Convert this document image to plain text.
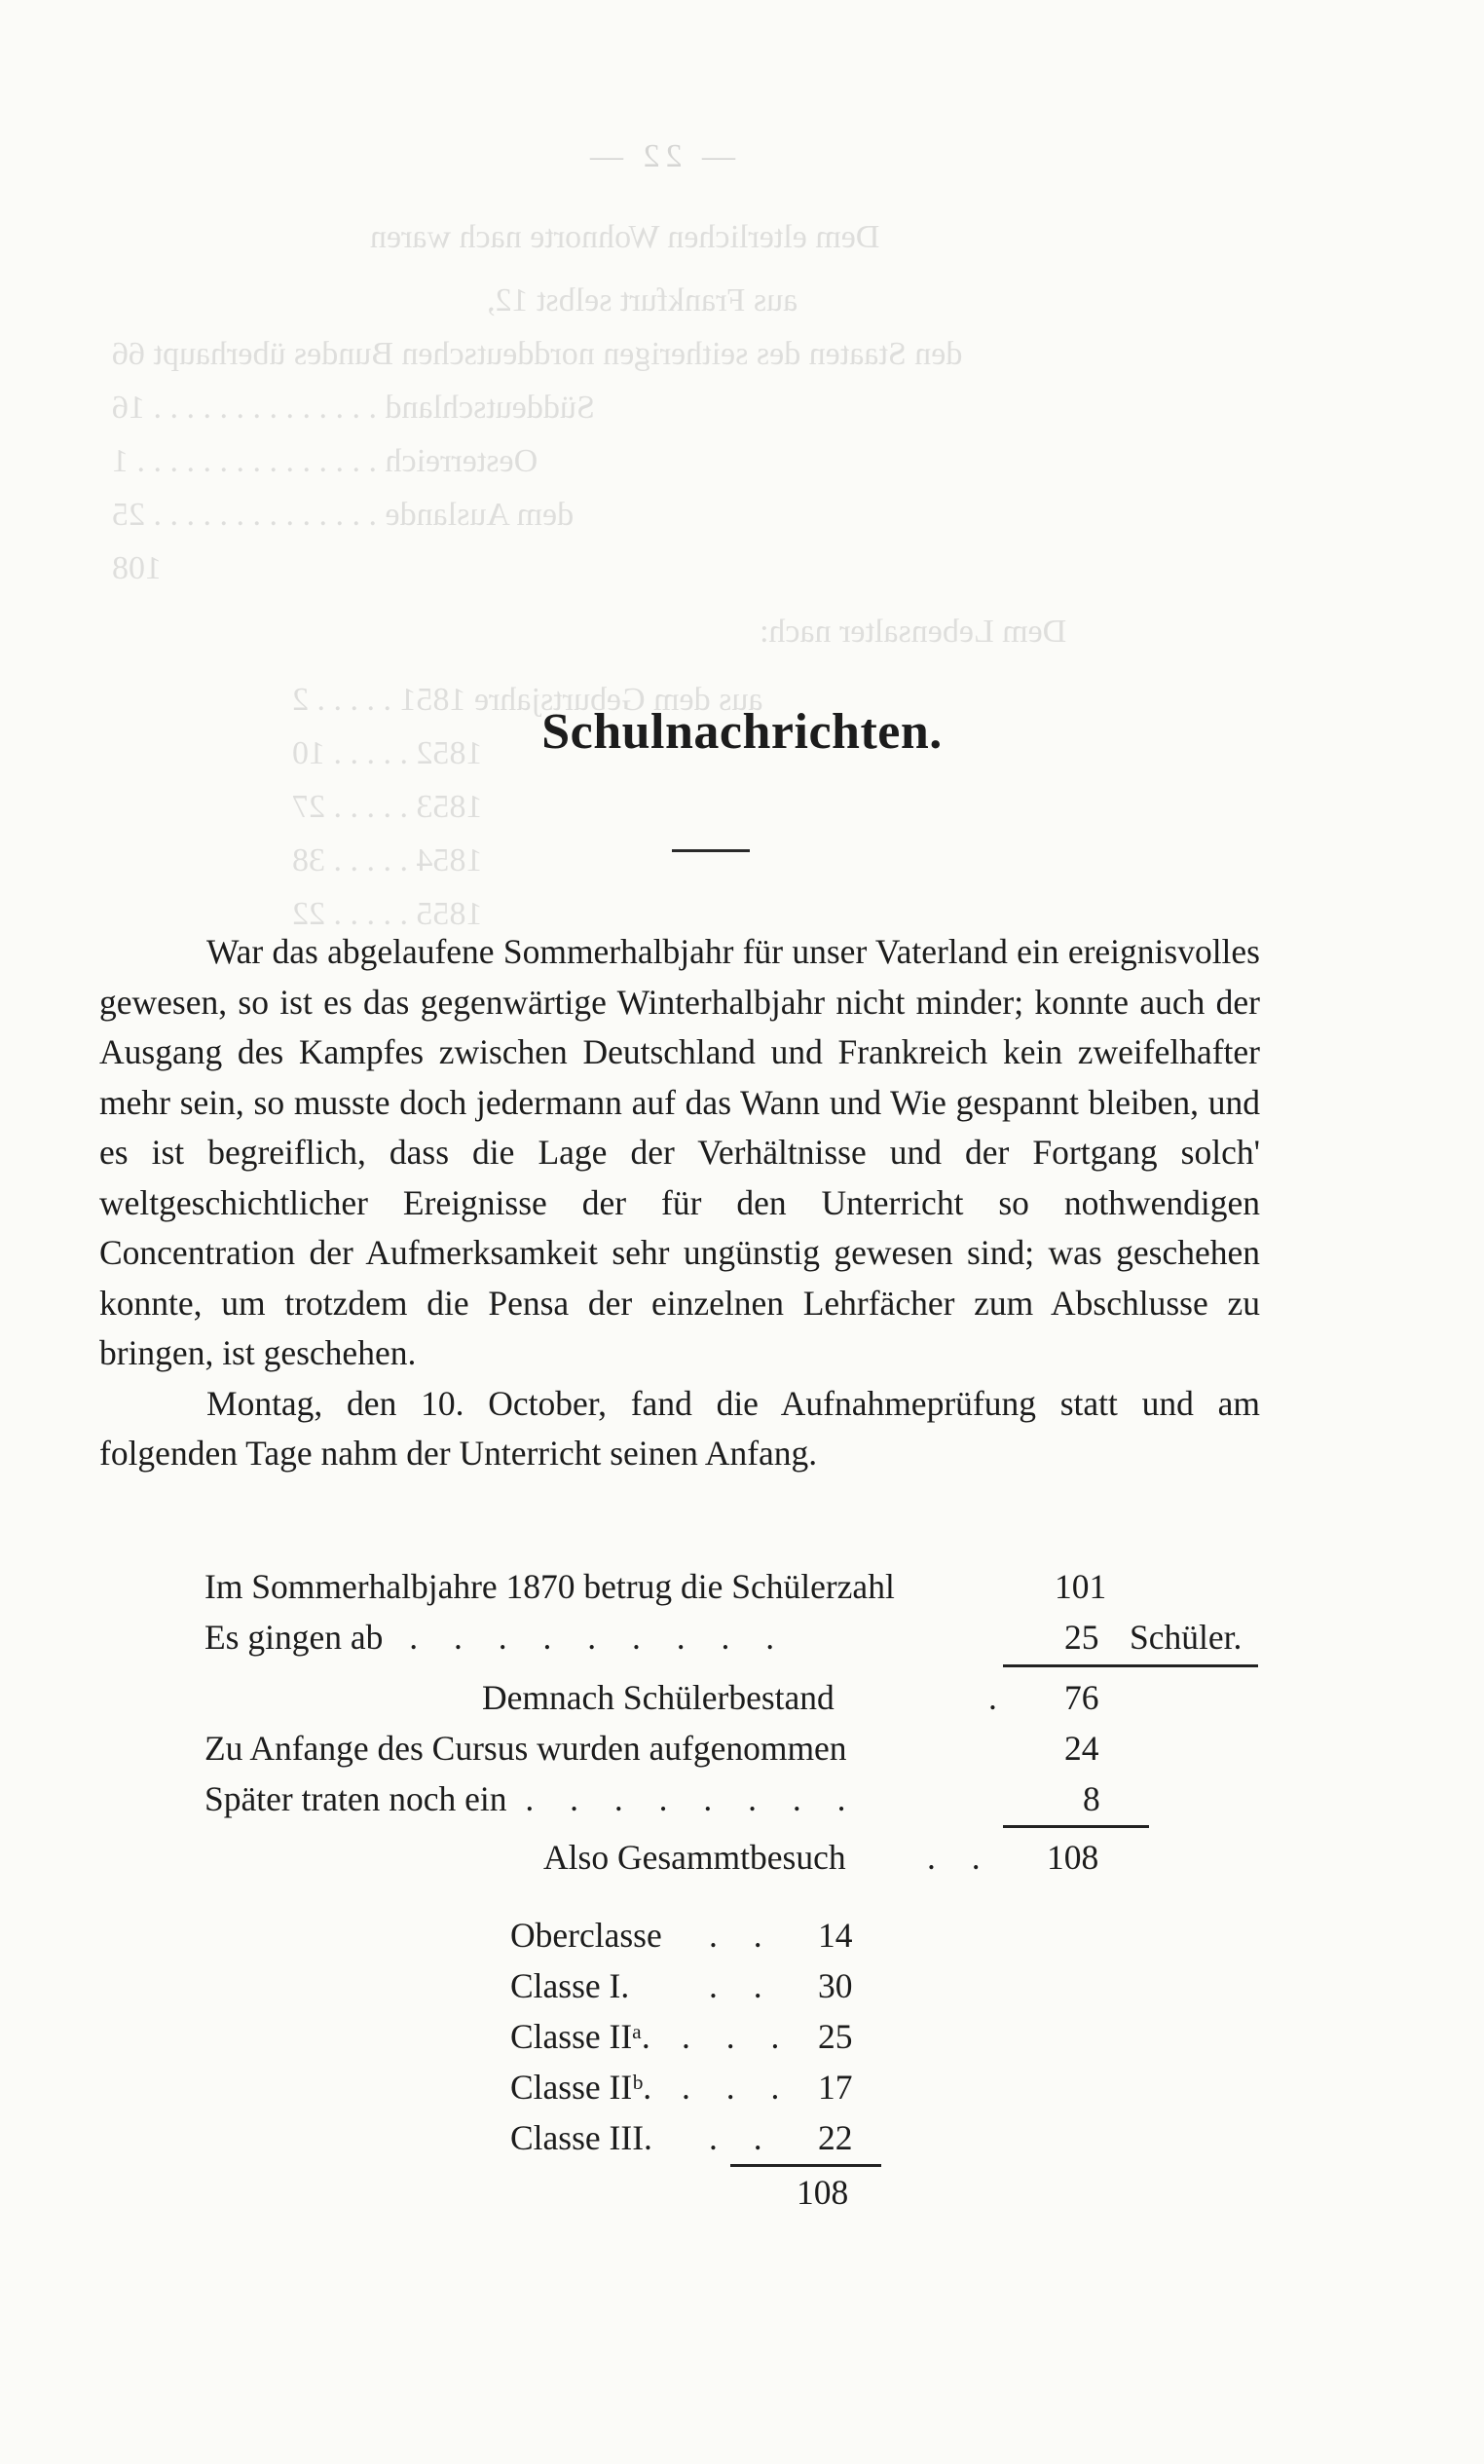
— 22 —
Dem elterlichen Wohnorte nach waren
aus Frankfurt selbst 12,
den Staaten des seitherigen norddeutschen Bundes überhaupt 66
Süddeutschland . . . . . . . . . . . . . . 16
Oesterreich . . . . . . . . . . . . . . . 1
dem Auslande . . . . . . . . . . . . . . 25
108
Dem Lebensalter nach:
aus dem Geburtsjahre 1851 . . . . . 2
1852 . . . . . 10
1853 . . . . . 27
1854 . . . . . 38
1855 . . . . . 22
Schulnachrichten.

War das abgelaufene Sommerhalbjahr für unser Vaterland ein ereignisvolles gewesen, so ist es das gegenwärtige Winterhalbjahr nicht minder; konnte auch der Ausgang des Kampfes zwischen Deutschland und Frankreich kein zweifelhafter mehr sein, so musste doch jedermann auf das Wann und Wie gespannt bleiben, und es ist begreiflich, dass die Lage der Verhältnisse und der Fortgang solch' weltgeschichtlicher Ereignisse der für den Unterricht so nothwendigen Concentration der Aufmerksamkeit sehr ungünstig gewesen sind; was geschehen konnte, um trotzdem die Pensa der einzelnen Lehrfächer zum Abschlusse zu bringen, ist geschehen.

Montag, den 10. October, fand die Aufnahmeprüfung statt und am folgenden Tage nahm der Unterricht seinen Anfang.

Im Sommerhalbjahre 1870 betrug die Schülerzahl	101
Es gingen ab . . . . . . . . .	25 Schüler.
Demnach Schülerbestand	. 76
Zu Anfange des Cursus wurden aufgenommen	24
Später traten noch ein . . . . . . . .	8
Also Gesammtbesuch . . 108
Oberclasse . . 14
Classe I. . . 30
Classe IIᵃ. . . . 25
Classe IIᵇ. . . . 17
Classe III. . . 22
108
